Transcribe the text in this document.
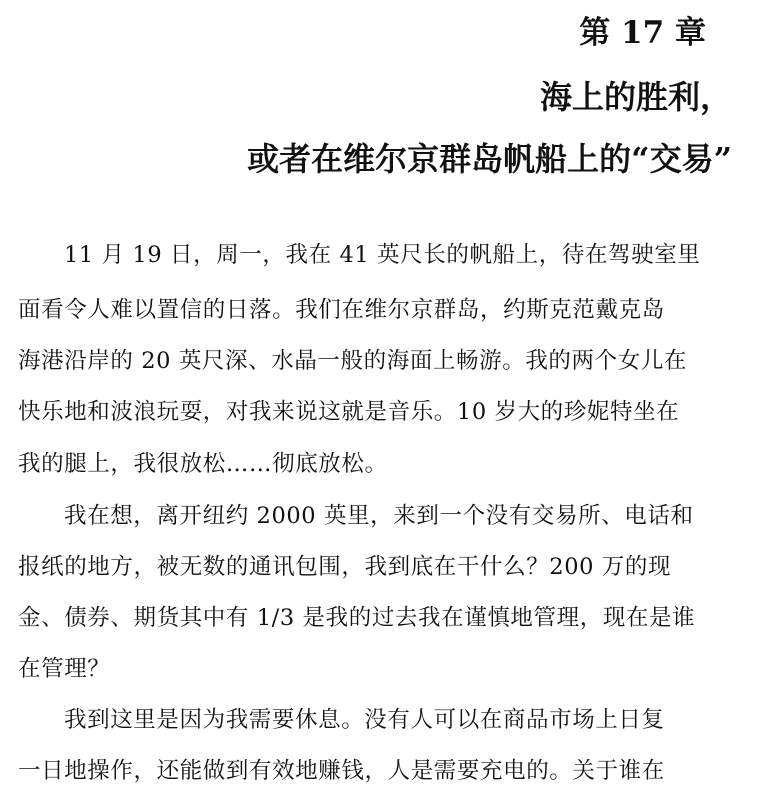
第 17 章
海上的胜利，
或者在维尔京群岛帆船上的“交易”

11 月 19 日，周一，我在 41 英尺长的帆船上，待在驾驶室里

面看令人难以置信的日落。我们在维尔京群岛，约斯克范戴克岛

海港沿岸的 20 英尺深、水晶一般的海面上畅游。我的两个女儿在

快乐地和波浪玩耍，对我来说这就是音乐。10 岁大的珍妮特坐在

我的腿上，我很放松……彻底放松。

我在想，离开纽约 2000 英里，来到一个没有交易所、电话和

报纸的地方，被无数的通讯包围，我到底在干什么？200 万的现

金、债券、期货其中有 1/3 是我的过去我在谨慎地管理，现在是谁

在管理？

我到这里是因为我需要休息。没有人可以在商品市场上日复

一日地操作，还能做到有效地赚钱，人是需要充电的。关于谁在
